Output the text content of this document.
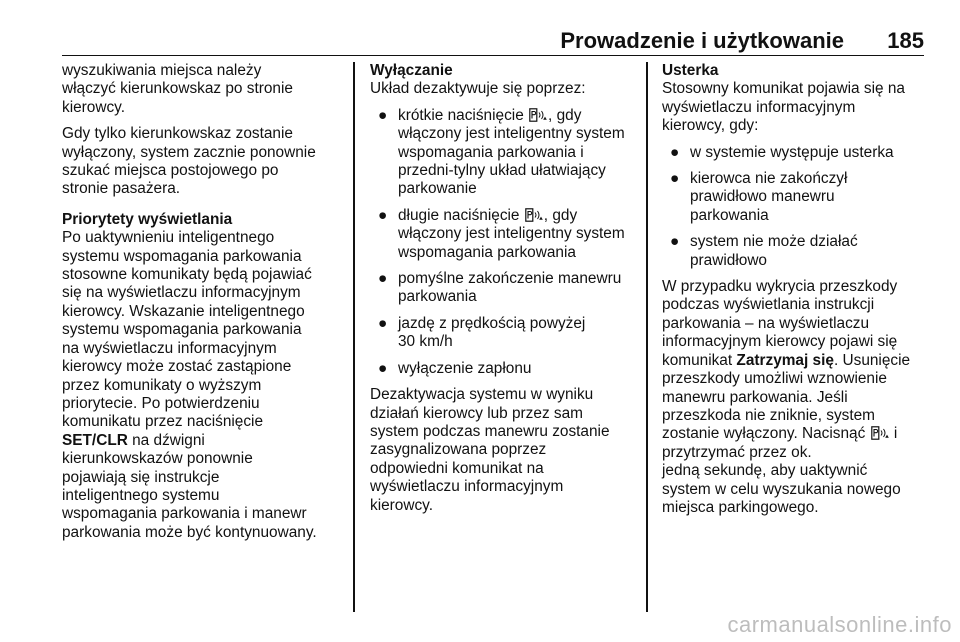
Prowadzenie i użytkowanie 185
wyszukiwania miejsca należy
włączyć kierunkowskaz po stronie
kierowcy.
Gdy tylko kierunkowskaz zostanie
wyłączony, system zacznie ponownie
szukać miejsca postojowego po
stronie pasażera.
Priorytety wyświetlania
Po uaktywnieniu inteligentnego
systemu wspomagania parkowania
stosowne komunikaty będą pojawiać
się na wyświetlaczu informacyjnym
kierowcy. Wskazanie inteligentnego
systemu wspomagania parkowania
na wyświetlaczu informacyjnym
kierowcy może zostać zastąpione
przez komunikaty o wyższym
priorytecie. Po potwierdzeniu
komunikatu przez naciśnięcie
SET/CLR na dźwigni
kierunkowskazów ponownie
pojawiają się instrukcje
inteligentnego systemu
wspomagania parkowania i manewr
parkowania może być kontynuowany.
Wyłączanie
Układ dezaktywuje się poprzez:
● krótkie naciśnięcie , gdy
włączony jest inteligentny system
wspomagania parkowania i
przedni-tylny układ ułatwiający
parkowanie
● długie naciśnięcie , gdy
włączony jest inteligentny system
wspomagania parkowania
● pomyślne zakończenie manewru
parkowania
● jazdę z prędkością powyżej
30 km/h
● wyłączenie zapłonu
Dezaktywacja systemu w wyniku
działań kierowcy lub przez sam
system podczas manewru zostanie
zasygnalizowana poprzez
odpowiedni komunikat na
wyświetlaczu informacyjnym
kierowcy.
Usterka
Stosowny komunikat pojawia się na
wyświetlaczu informacyjnym
kierowcy, gdy:
● w systemie występuje usterka
● kierowca nie zakończył
prawidłowo manewru
parkowania
● system nie może działać
prawidłowo
W przypadku wykrycia przeszkody
podczas wyświetlania instrukcji
parkowania – na wyświetlaczu
informacyjnym kierowcy pojawi się
komunikat Zatrzymaj się. Usunięcie
przeszkody umożliwi wznowienie
manewru parkowania. Jeśli
przeszkoda nie zniknie, system
zostanie wyłączony. Nacisnąć  i
przytrzymać przez ok.
jedną sekundę, aby uaktywnić
system w celu wyszukania nowego
miejsca parkingowego.
carmanualsonline.info
